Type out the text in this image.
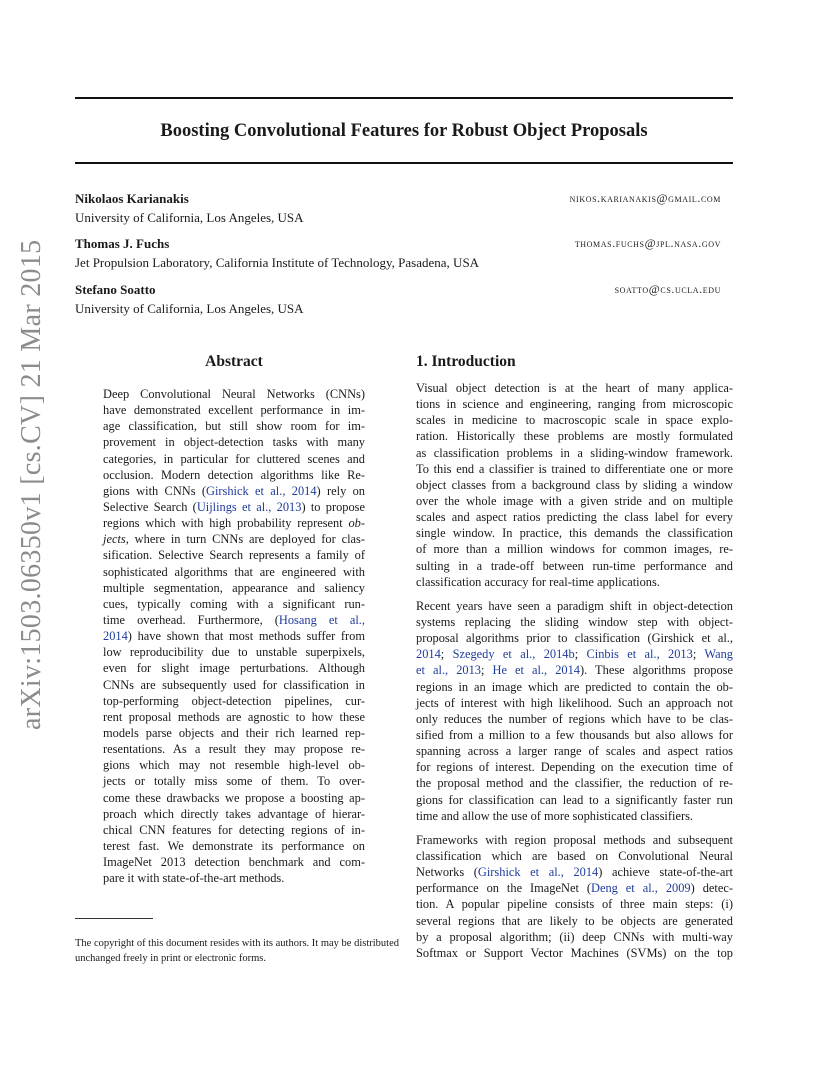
Boosting Convolutional Features for Robust Object Proposals
Nikolaos Karianakis
University of California, Los Angeles, USA
nikos.karianakis@gmail.com
Thomas J. Fuchs
Jet Propulsion Laboratory, California Institute of Technology, Pasadena, USA
thomas.fuchs@jpl.nasa.gov
Stefano Soatto
University of California, Los Angeles, USA
soatto@cs.ucla.edu
arXiv:1503.06350v1 [cs.CV] 21 Mar 2015	Abstract
Deep Convolutional Neural Networks (CNNs)
have demonstrated excellent performance in im-
age classification, but still show room for im-
provement in object-detection tasks with many
categories, in particular for cluttered scenes and
occlusion. Modern detection algorithms like Re-
gions with CNNs (Girshick et al., 2014) rely on
Selective Search (Uijlings et al., 2013) to propose
regions which with high probability represent ob-
jects, where in turn CNNs are deployed for clas-
sification. Selective Search represents a family of
sophisticated algorithms that are engineered with
multiple segmentation, appearance and saliency
cues, typically coming with a significant run-
time overhead. Furthermore, (Hosang et al.,
2014) have shown that most methods suffer from
low reproducibility due to unstable superpixels,
even for slight image perturbations. Although
CNNs are subsequently used for classification in
top-performing object-detection pipelines, cur-
rent proposal methods are agnostic to how these
models parse objects and their rich learned rep-
resentations. As a result they may propose re-
gions which may not resemble high-level ob-
jects or totally miss some of them. To over-
come these drawbacks we propose a boosting ap-
proach which directly takes advantage of hierar-
chical CNN features for detecting regions of in-
terest fast. We demonstrate its performance on
ImageNet 2013 detection benchmark and com-
pare it with state-of-the-art methods.
1. Introduction
Visual object detection is at the heart of many applica-
tions in science and engineering, ranging from microscopic
scales in medicine to macroscopic scale in space explo-
ration. Historically these problems are mostly formulated
as classification problems in a sliding-window framework.
To this end a classifier is trained to differentiate one or more
object classes from a background class by sliding a window
over the whole image with a given stride and on multiple
scales and aspect ratios predicting the class label for every
single window. In practice, this demands the classification
of more than a million windows for common images, re-
sulting in a trade-off between run-time performance and
classification accuracy for real-time applications.
Recent years have seen a paradigm shift in object-detection
systems replacing the sliding window step with object-
proposal algorithms prior to classification (Girshick et al.,
2014; Szegedy et al., 2014b; Cinbis et al., 2013; Wang
et al., 2013; He et al., 2014). These algorithms propose
regions in an image which are predicted to contain the ob-
jects of interest with high likelihood. Such an approach not
only reduces the number of regions which have to be clas-
sified from a million to a few thousands but also allows for
spanning across a larger range of scales and aspect ratios
for regions of interest. Depending on the execution time of
the proposal method and the classifier, the reduction of re-
gions for classification can lead to a significantly faster run
time and allow the use of more sophisticated classifiers.
Frameworks with region proposal methods and subsequent
classification which are based on Convolutional Neural
Networks (Girshick et al., 2014) achieve state-of-the-art
performance on the ImageNet (Deng et al., 2009) detec-
tion. A popular pipeline consists of three main steps: (i)
several regions that are likely to be objects are generated
by a proposal algorithm; (ii) deep CNNs with multi-way
Softmax or Support Vector Machines (SVMs) on the top
The copyright of this document resides with its authors. It may be distributed unchanged freely in print or electronic forms.
